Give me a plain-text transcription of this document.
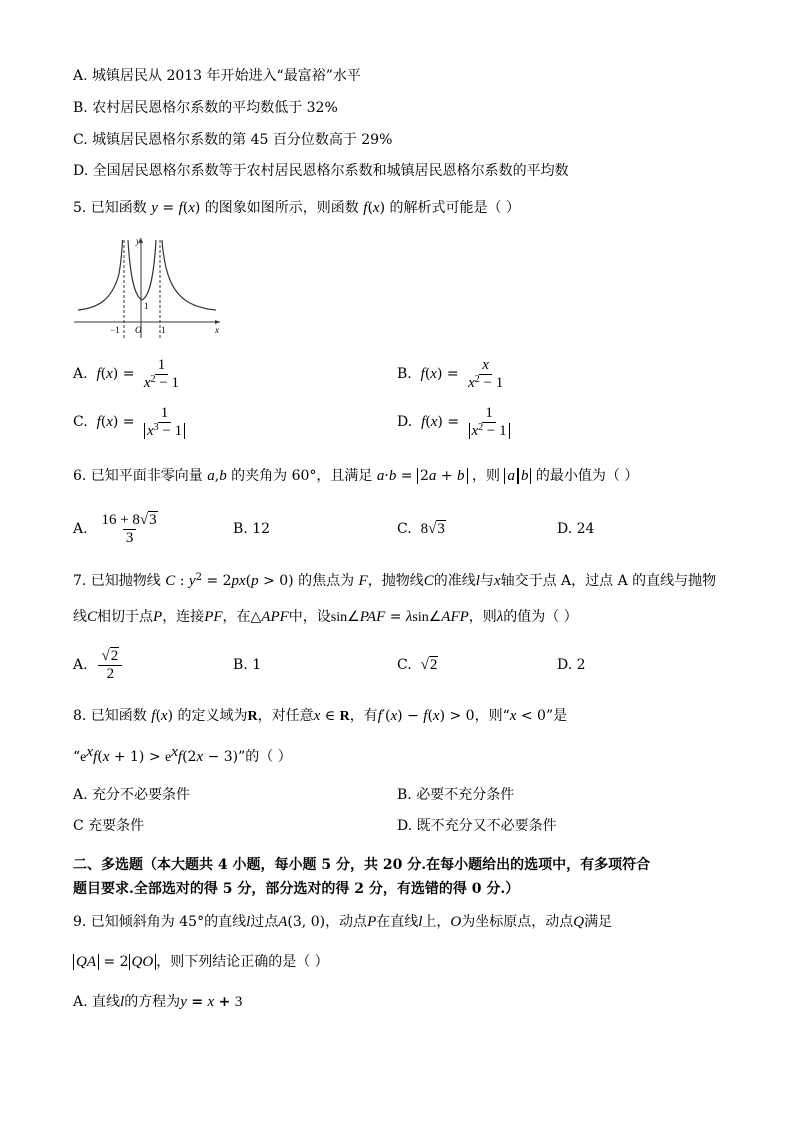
A. 城镇居民从 2013 年开始进入“最富裕”水平
B. 农村居民恩格尔系数的平均数低于 32%
C. 城镇居民恩格尔系数的第 45 百分位数高于 29%
D. 全国居民恩格尔系数等于农村居民恩格尔系数和城镇居民恩格尔系数的平均数
5. 已知函数 y = f(x) 的图象如图所示，则函数 f(x) 的解析式可能是（ ）
y
x
−1 O 1
1
A. $f(x) = \frac{1}{x^2 - 1}$	B. $f(x) = \frac{x}{x^2 - 1}$
C. $f(x) = \frac{1}{x^3 - 1}$	D. $f(x) = \frac{1}{x^2 - 1}$
6. 已知平面非零向量 a,b 的夹角为 60°，且满足 a·b = 2a + b ，则 a b 的最小值为（ ）
A. $\frac{16 + 8√3}{3}$	B. 12	C. 8√3	D. 24
7. 已知抛物线 C : $y^2 = 2px(p > 0)$ 的焦点为 F，抛物线C的准线l与x轴交于点 A，过点 A 的直线与抛物
线C相切于点P，连接PF，在△APF中，设sin∠PAF = λsin∠AFP，则λ的值为（ ）
A. $\frac{√2}{2}$	B. 1	C. √2	D. 2
8. 已知函数 f(x) 的定义域为R，对任意x ∈ R，有f′(x) − f(x) > 0，则“x < 0”是
“$e^xf(x + 1) > e^xf(2x - 3)$”的（ ）
A. 充分不必要条件	B. 必要不充分条件
C 充要条件	D. 既不充分又不必要条件
二、多选题（本大题共 4 小题，每小题 5 分，共 20 分.在每小题给出的选项中，有多项符合
题目要求.全部选对的得 5 分，部分选对的得 2 分，有选错的得 0 分.）
9. 已知倾斜角为 45°的直线l过点A(3, 0)，动点P在直线l上，O为坐标原点，动点Q满足
QA = 2 QO ，则下列结论正确的是（ ）
A. 直线l的方程为y = x + 3
